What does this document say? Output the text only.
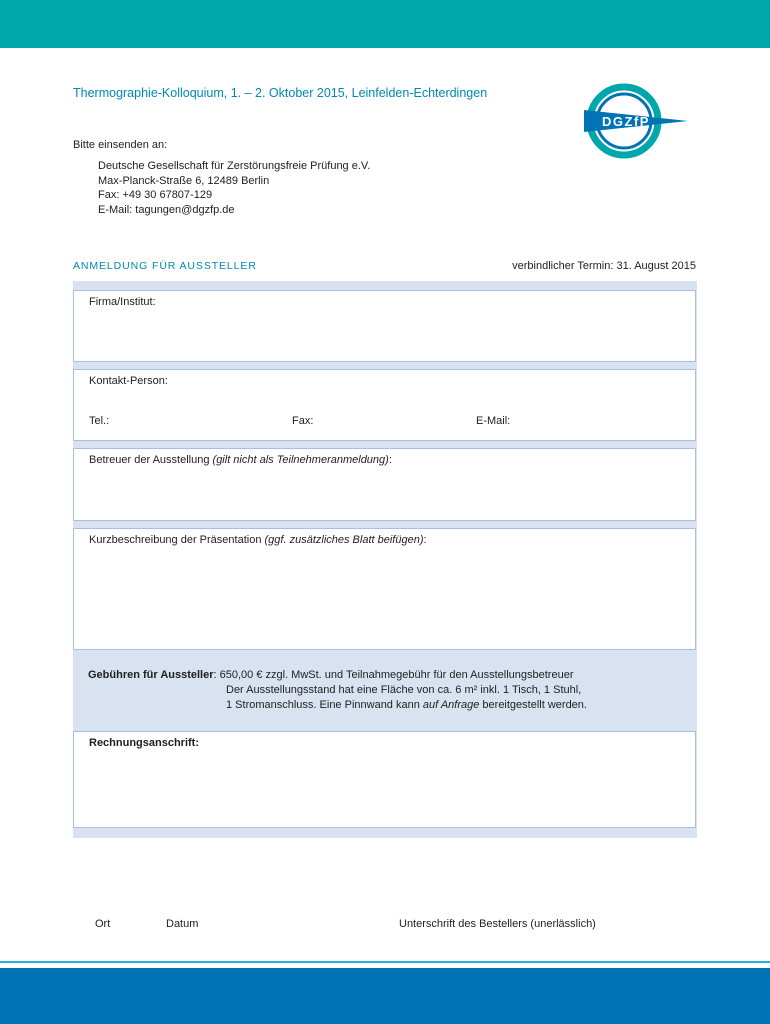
Thermographie-Kolloquium, 1. – 2. Oktober 2015, Leinfelden-Echterdingen
DGZfP
Bitte einsenden an:
Deutsche Gesellschaft für Zerstörungsfreie Prüfung e.V.
Max-Planck-Straße 6, 12489 Berlin
Fax: +49 30 67807-129
E-Mail: tagungen@dgzfp.de
ANMELDUNG FÜR AUSSTELLER	verbindlicher Termin: 31. August 2015
Firma/Institut:
Kontakt-Person:
Tel.:	Fax:	E-Mail:
Betreuer der Ausstellung (gilt nicht als Teilnehmeranmeldung):
Kurzbeschreibung der Präsentation (ggf. zusätzliches Blatt beifügen):
Gebühren für Aussteller: 650,00 € zzgl. MwSt. und Teilnahmegebühr für den Ausstellungsbetreuer
Der Ausstellungsstand hat eine Fläche von ca. 6 m² inkl. 1 Tisch, 1 Stuhl,
1 Stromanschluss. Eine Pinnwand kann auf Anfrage bereitgestellt werden.
Rechnungsanschrift:
Ort	Datum	Unterschrift des Bestellers (unerlässlich)
